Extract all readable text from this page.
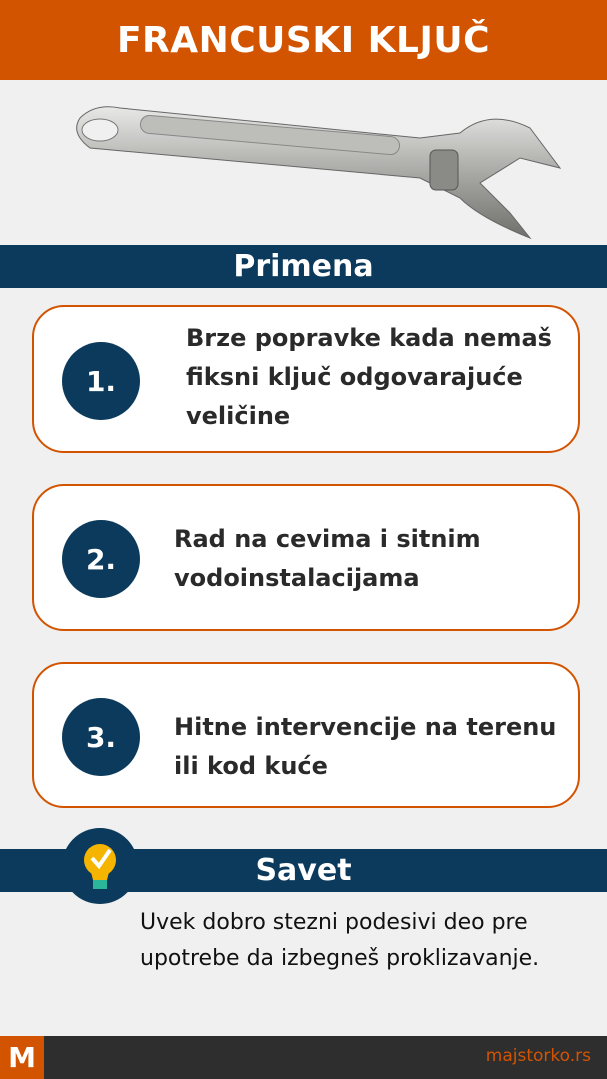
FRANCUSKI KLJUČ
Primena
1.
Brze popravke kada nemaš fiksni ključ odgovarajuće veličine
2.
Rad na cevima i sitnim vodoinstalacijama
3.	Hitne intervencije na terenu ili kod kuće
Savet
Uvek dobro stezni podesivi deo pre upotrebe da izbegneš proklizavanje.
M	majstorko.rs
